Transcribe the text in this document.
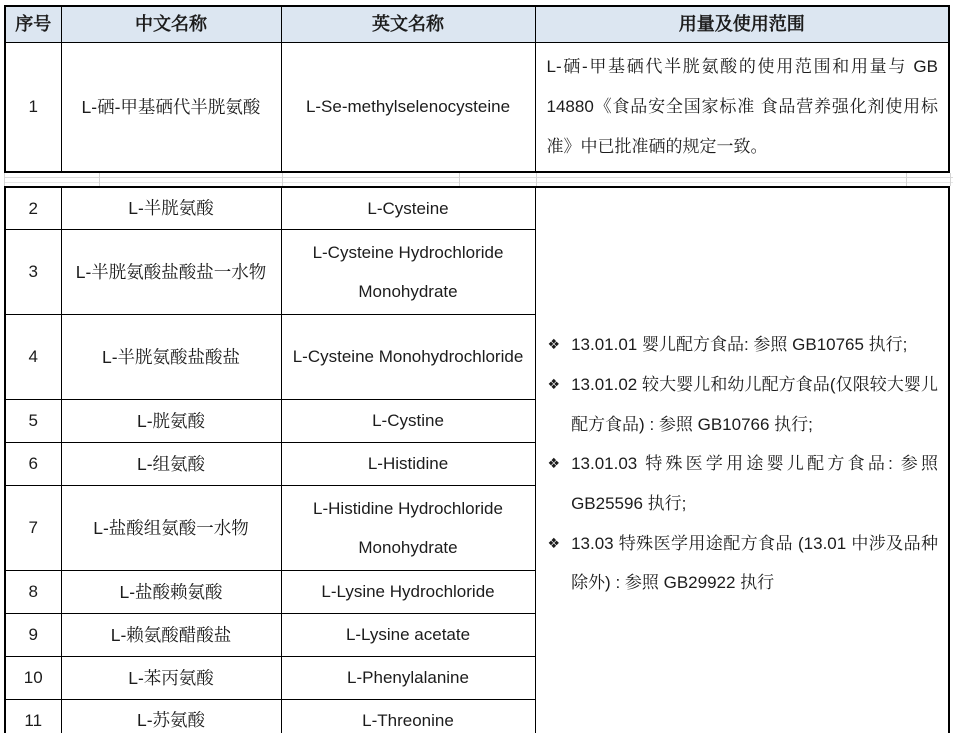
序号	中文名称	英文名称	用量及使用范围
1	L-硒-甲基硒代半胱氨酸	L-Se-methylselenocysteine	L-硒-甲基硒代半胱氨酸的使用范围和用量与 GB 14880《食品安全国家标准 食品营养强化剂使用标准》中已批准硒的规定一致。
2	L-半胱氨酸	L-Cysteine	
❖ 13.01.01 婴儿配方食品: 参照 GB10765 执行;
❖ 13.01.02 较大婴儿和幼儿配方食品(仅限较大婴儿配方食品) : 参照 GB10766 执行;
❖ 13.01.03 特殊医学用途婴儿配方食品: 参照 GB25596 执行;
❖ 13.03 特殊医学用途配方食品 (13.01 中涉及品种除外) : 参照 GB29922 执行

3	L-半胱氨酸盐酸盐一水物	L-Cysteine Hydrochloride Monohydrate	
4	L-半胱氨酸盐酸盐	L-Cysteine Monohydrochloride	
5	L-胱氨酸	L-Cystine	
6	L-组氨酸	L-Histidine	
7	L-盐酸组氨酸一水物	L-Histidine Hydrochloride Monohydrate	
8	L-盐酸赖氨酸	L-Lysine Hydrochloride	
9	L-赖氨酸醋酸盐	L-Lysine acetate	
10	L-苯丙氨酸	L-Phenylalanine	
11	L-苏氨酸	L-Threonine	
